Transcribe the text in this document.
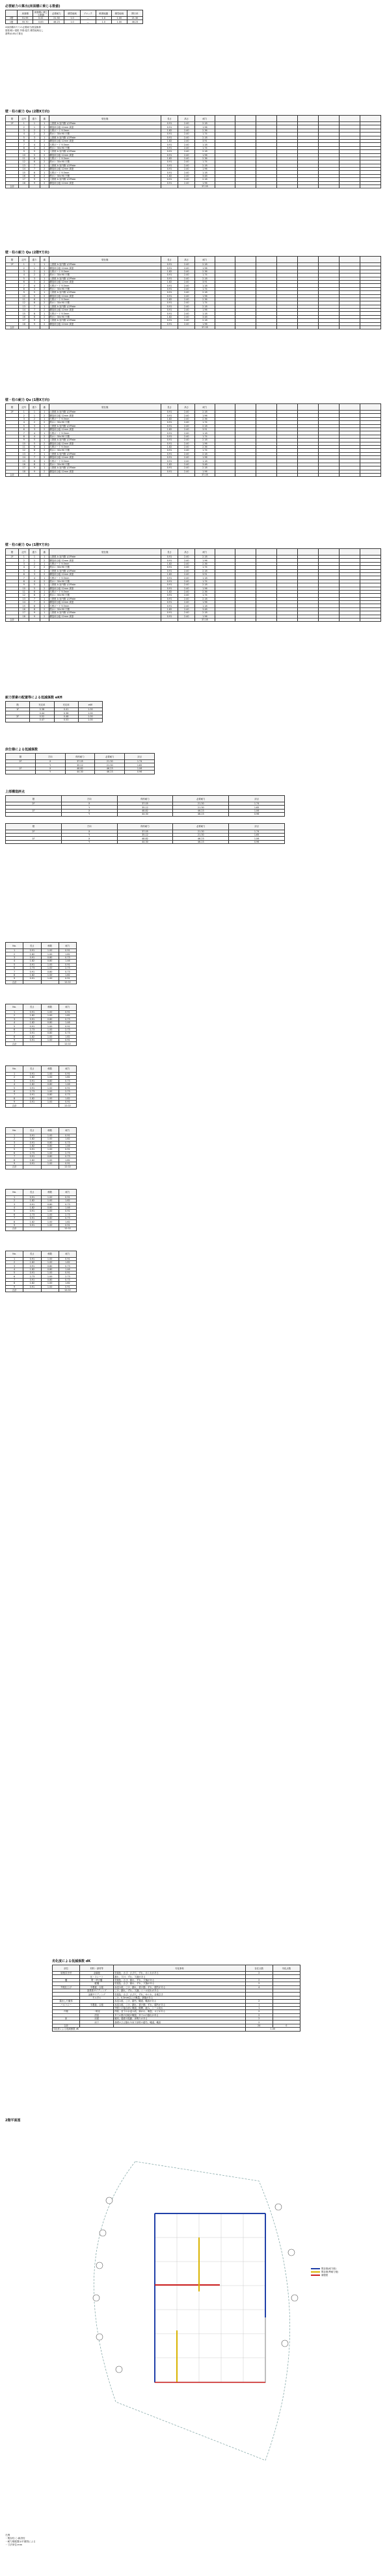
必要耐力の算出(床面積に乗じる数値)
	床面積	床面積に乗じる数値	必要耐力	積雪地域	ブロック	軟弱地盤	積雪地域	開口率
2階	51.95	0.41	21.30	1.0	—	1.0	1.00	21.30
1階	55.70	0.83	46.23	1.0	—	1.0	1.00	46.23
※床面積あたりの必要耐力/壁量換算
屋根:軽い屋根 外壁:湿式 積雪地域なし
基準(0.85)で算出
壁・柱の耐力 Qu (2階X方向)
階	記号	通り	番	壁仕様	長さ	高さ	耐力								
2F	1	1	1	土塗壁 A 室内側 1/2Plate	0.91	2.40	2.18								
	2	1	2	構造用合板 12mm 真壁	0.91	2.40	1.96								
	3	2	1	石膏ボード 9.5mm	1.82	2.40	2.36								
	4	2	2	筋かい 30×90 片側	0.91	2.40	1.74								
	5	3	1	土塗壁 A 室内側 1/2Plate	0.91	2.40	2.18								
	6	3	2	構造用合板 12mm 真壁	1.82	2.40	3.91								
	7	4	1	石膏ボード 9.5mm	0.91	2.40	1.18								
	8	4	2	筋かい 30×90 片側	0.91	2.40	1.74								
	9	5	1	土塗壁 A 室内側 1/2Plate	0.91	2.40	2.18								
	10	5	2	構造用合板 12mm 真壁	0.91	2.40	1.96								
	11	6	1	石膏ボード 9.5mm	1.82	2.40	2.36								
	12	6	2	筋かい 30×90 片側	0.91	2.40	1.74								
	13	7	1	土塗壁 A 室内側 1/2Plate	0.91	2.40	2.18								
	14	7	2	構造用合板 12mm 真壁	0.91	2.40	1.96								
	15	8	1	石膏ボード 9.5mm	0.91	2.40	1.18								
	16	8	2	筋かい 30×90 片側	1.82	2.40	3.48								
	17	9	1	土塗壁 A 室内側 1/2Plate	0.91	2.40	2.18								
	18	9	2	構造用合板 12mm 真壁	0.91	2.40	1.96								
合計							37.05								
壁・柱の耐力 Qu (2階Y方向)
階	記号	通り	番	壁仕様	長さ	高さ	耐力								
2F	1	1	1	土塗壁 A 室内側 1/2Plate	0.91	2.40	2.18								
	2	1	2	構造用合板 12mm 真壁	0.91	2.40	1.96								
	3	2	1	石膏ボード 9.5mm	1.82	2.40	2.36								
	4	2	2	筋かい 30×90 片側	0.91	2.40	1.74								
	5	3	1	土塗壁 A 室内側 1/2Plate	0.91	2.40	2.18								
	6	3	2	構造用合板 12mm 真壁	1.82	2.40	3.91								
	7	4	1	石膏ボード 9.5mm	0.91	2.40	1.18								
	8	4	2	筋かい 30×90 片側	0.91	2.40	1.74								
	9	5	1	土塗壁 A 室内側 1/2Plate	0.91	2.40	2.18								
	10	5	2	構造用合板 12mm 真壁	0.91	2.40	1.96								
	11	6	1	石膏ボード 9.5mm	1.82	2.40	2.36								
	12	6	2	筋かい 30×90 片側	0.91	2.40	1.74								
	13	7	1	土塗壁 A 室内側 1/2Plate	0.91	2.40	2.18								
	14	7	2	構造用合板 12mm 真壁	0.91	2.40	1.96								
	15	8	1	石膏ボード 9.5mm	0.91	2.40	1.18								
	16	8	2	筋かい 30×90 片側	1.82	2.40	3.48								
	17	9	1	土塗壁 A 室内側 1/2Plate	0.91	2.40	2.18								
	18	9	2	構造用合板 12mm 真壁	0.91	2.40	1.96								
合計							37.05								
壁・柱の耐力 Qu (1階X方向)
階	記号	通り	番	壁仕様	長さ	高さ	耐力								
2F	1	1	1	土塗壁 A 室内側 1/2Plate	0.91	2.40	2.18								
	2	1	2	構造用合板 12mm 真壁	0.91	2.40	1.96								
	3	2	1	石膏ボード 9.5mm	1.82	2.40	2.36								
	4	2	2	筋かい 30×90 片側	0.91	2.40	1.74								
	5	3	1	土塗壁 A 室内側 1/2Plate	0.91	2.40	2.18								
	6	3	2	構造用合板 12mm 真壁	1.82	2.40	3.91								
	7	4	1	石膏ボード 9.5mm	0.91	2.40	1.18								
	8	4	2	筋かい 30×90 片側	0.91	2.40	1.74								
	9	5	1	土塗壁 A 室内側 1/2Plate	0.91	2.40	2.18								
	10	5	2	構造用合板 12mm 真壁	0.91	2.40	1.96								
	11	6	1	石膏ボード 9.5mm	1.82	2.40	2.36								
	12	6	2	筋かい 30×90 片側	0.91	2.40	1.74								
	13	7	1	土塗壁 A 室内側 1/2Plate	0.91	2.40	2.18								
	14	7	2	構造用合板 12mm 真壁	0.91	2.40	1.96								
	15	8	1	石膏ボード 9.5mm	0.91	2.40	1.18								
	16	8	2	筋かい 30×90 片側	1.82	2.40	3.48								
	17	9	1	土塗壁 A 室内側 1/2Plate	0.91	2.40	2.18								
	18	9	2	構造用合板 12mm 真壁	0.91	2.40	1.96								
合計							37.05								
壁・柱の耐力 Qu (1階Y方向)
階	記号	通り	番	壁仕様	長さ	高さ	耐力								
2F	1	1	1	土塗壁 A 室内側 1/2Plate	0.91	2.40	2.18								
	2	1	2	構造用合板 12mm 真壁	0.91	2.40	1.96								
	3	2	1	石膏ボード 9.5mm	1.82	2.40	2.36								
	4	2	2	筋かい 30×90 片側	0.91	2.40	1.74								
	5	3	1	土塗壁 A 室内側 1/2Plate	0.91	2.40	2.18								
	6	3	2	構造用合板 12mm 真壁	1.82	2.40	3.91								
	7	4	1	石膏ボード 9.5mm	0.91	2.40	1.18								
	8	4	2	筋かい 30×90 片側	0.91	2.40	1.74								
	9	5	1	土塗壁 A 室内側 1/2Plate	0.91	2.40	2.18								
	10	5	2	構造用合板 12mm 真壁	0.91	2.40	1.96								
	11	6	1	石膏ボード 9.5mm	1.82	2.40	2.36								
	12	6	2	筋かい 30×90 片側	0.91	2.40	1.74								
	13	7	1	土塗壁 A 室内側 1/2Plate	0.91	2.40	2.18								
	14	7	2	構造用合板 12mm 真壁	0.91	2.40	1.96								
	15	8	1	石膏ボード 9.5mm	0.91	2.40	1.18								
	16	8	2	筋かい 30×90 片側	1.82	2.40	3.48								
	17	9	1	土塗壁 A 室内側 1/2Plate	0.91	2.40	2.18								
	18	9	2	構造用合板 12mm 真壁	0.91	2.40	1.96								
合計							37.05								
耐力要素の配置等による低減係数 eKfl
階	充足率	充足率	eKfl
1F	0.38	0.41	1.00
	0.44	0.36	1.00
2F	0.52	0.48	1.00
	0.47	0.53	1.00
床仕様による低減係数
階	方向	保有耐力	必要耐力	評点
2F	X	37.05	21.30	1.74
	Y	35.12	21.30	1.65
1F	X	48.82	46.23	1.06
	Y	44.30	46.23	0.96
上部構造評点
階	方向	保有耐力	必要耐力	評点
2F	X	37.05	21.30	1.74
	Y	35.12	21.30	1.65
1F	X	48.82	46.23	1.06
	Y	44.30	46.23	0.96
階	方向	保有耐力	必要耐力	評点
2F	X	37.05	21.30	1.74
	Y	35.12	21.30	1.65
1F	X	48.82	46.23	1.06
	Y	44.30	46.23	0.96
No.	長さ	係数	耐力
1	0.91	1.00	0.91
2	1.82	1.00	1.82
3	0.91	0.80	0.73
4	1.82	0.80	1.46
5	0.91	1.00	0.91
6	2.73	1.00	2.73
7	0.91	0.80	0.73
8	1.82	1.00	1.82
9	0.91	1.00	0.91
合計			12.02
No.	長さ	係数	耐力
1	0.91	1.00	0.91
2	1.82	1.00	1.82
3	0.91	0.80	0.73
4	1.82	0.80	1.46
5	0.91	1.00	0.91
6	2.73	1.00	2.73
7	0.91	0.80	0.73
8	1.82	1.00	1.82
9	0.91	1.00	0.91
合計			12.02
No.	長さ	係数	耐力
1	0.91	1.00	0.91
2	1.82	1.00	1.82
3	0.91	0.80	0.73
4	1.82	0.80	1.46
5	0.91	1.00	0.91
6	2.73	1.00	2.73
7	0.91	0.80	0.73
8	1.82	1.00	1.82
9	0.91	1.00	0.91
合計			12.02
No.	長さ	係数	耐力
1	0.91	1.00	0.91
2	1.82	1.00	1.82
3	0.91	0.80	0.73
4	1.82	0.80	1.46
5	0.91	1.00	0.91
6	2.73	1.00	2.73
7	0.91	0.80	0.73
8	1.82	1.00	1.82
9	0.91	1.00	0.91
合計			12.02
No.	長さ	係数	耐力
1	0.91	1.00	0.91
2	1.82	1.00	1.82
3	0.91	0.80	0.73
4	1.82	0.80	1.46
5	0.91	1.00	0.91
6	2.73	1.00	2.73
7	0.91	0.80	0.73
8	1.82	1.00	1.82
9	0.91	1.00	0.91
合計			12.02
No.	長さ	係数	耐力
1	0.91	1.00	0.91
2	1.82	1.00	1.82
3	0.91	0.80	0.73
4	1.82	0.80	1.46
5	0.91	1.00	0.91
6	2.73	1.00	2.73
7	0.91	0.80	0.73
8	1.82	1.00	1.82
9	0.91	1.00	0.91
合計			12.02
劣化度による低減係数 dK
部位	材料・部材等	劣化事象	存在点数	劣化点数
屋根葺き材	金属板	変退色、さび、さび穴、ずれ、めくれがある	2	
	瓦・スレート	割れ、欠け、ずれ、欠落がある		
樋	軒・呼び樋	変退色、さび、割れ、ずれ、欠落がある	2	
	縦樋	変退色、さび、割れ、ずれ、欠落がある	2	
外壁仕上げ	木製板、合板	水浸み痕、こけ、割れ、抜け節、ずれ、腐朽がある	4	
	窯業系サイディング	こけ、割れ、ずれ、欠落、シール切れがある		
	金属サイディング	変退色、さび、さび穴、ずれ、めくれ、目地空き		
	モルタル	こけ、0.3mm以上の亀裂、剥落がある		
露出した躯体		水浸み痕、こけ、腐朽、蟻道、蟻害がある	2	
バルコニー	木製板、合板	水浸み痕、こけ、割れ、抜け節、ずれ、腐朽がある	1	
		外壁との接合部に亀裂、隙間、緩み、シール切れ	1	
内壁	一般室	内壁、窓下の水浸み痕、剥がれ、亀裂、カビがある	2	
	浴室	タイル壁の目地の亀裂、タイルの割れがある	2	
床	床面	傾斜、過度の振動、床鳴りがある	2	
	床下	基礎のひび割れや床下部材の腐朽、蟻道、蟻害	2	
合計			24	0
劣化度による低減係数 dK			1.00	
2階平面図
既存壁(耐力壁)
既存壁(準耐力壁)
補強壁
凡例
・既存柱 ○ 新設柱
・耐力壁配置は平面図による
・寸法単位:mm
